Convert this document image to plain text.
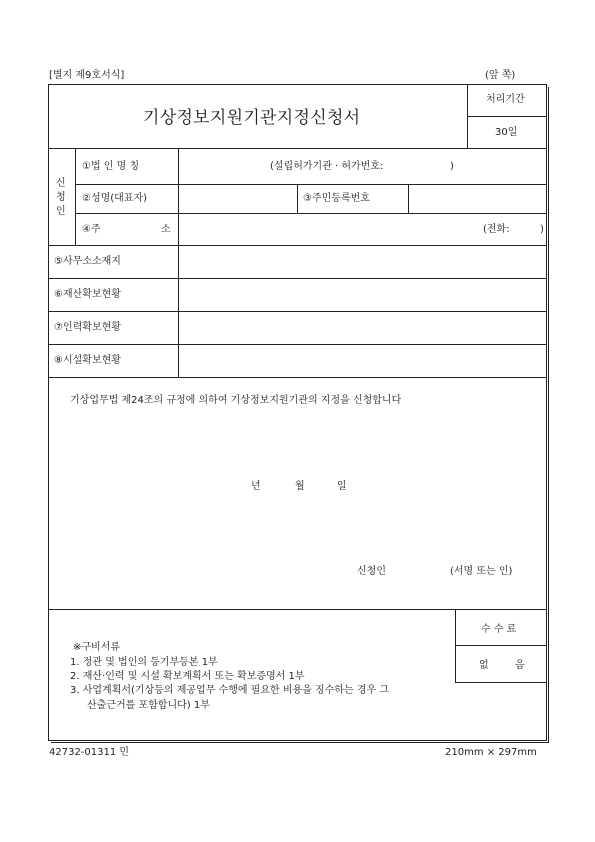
[별지 제9호서식]	(앞 쪽)
기상정보지원기관지정신청서
처리기간
30일
신
청
인
①법 인 명 칭	(설립허가기관 · 허가번호:	)
②성명(대표자)	③주민등록번호
④주	소	(전화:	)
⑤사무소소재지
⑥재산확보현황
⑦인력확보현황
⑧시설확보현황
기상업무법 제24조의 규정에 의하여 기상정보지원기관의 지정을 신청합니다
년	월	일
신청인	(서명 또는 인)
※구비서류
1. 정관 및 법인의 등기부등본 1부
2. 재산·인력 및 시설 확보계획서 또는 확보증명서 1부
3. 사업계획서(기상등의 제공업무 수행에 필요한 비용을 징수하는 경우 그
산출근거를 포함합니다) 1부
수 수 료
없	음
42732-01311 민	210mm × 297mm
